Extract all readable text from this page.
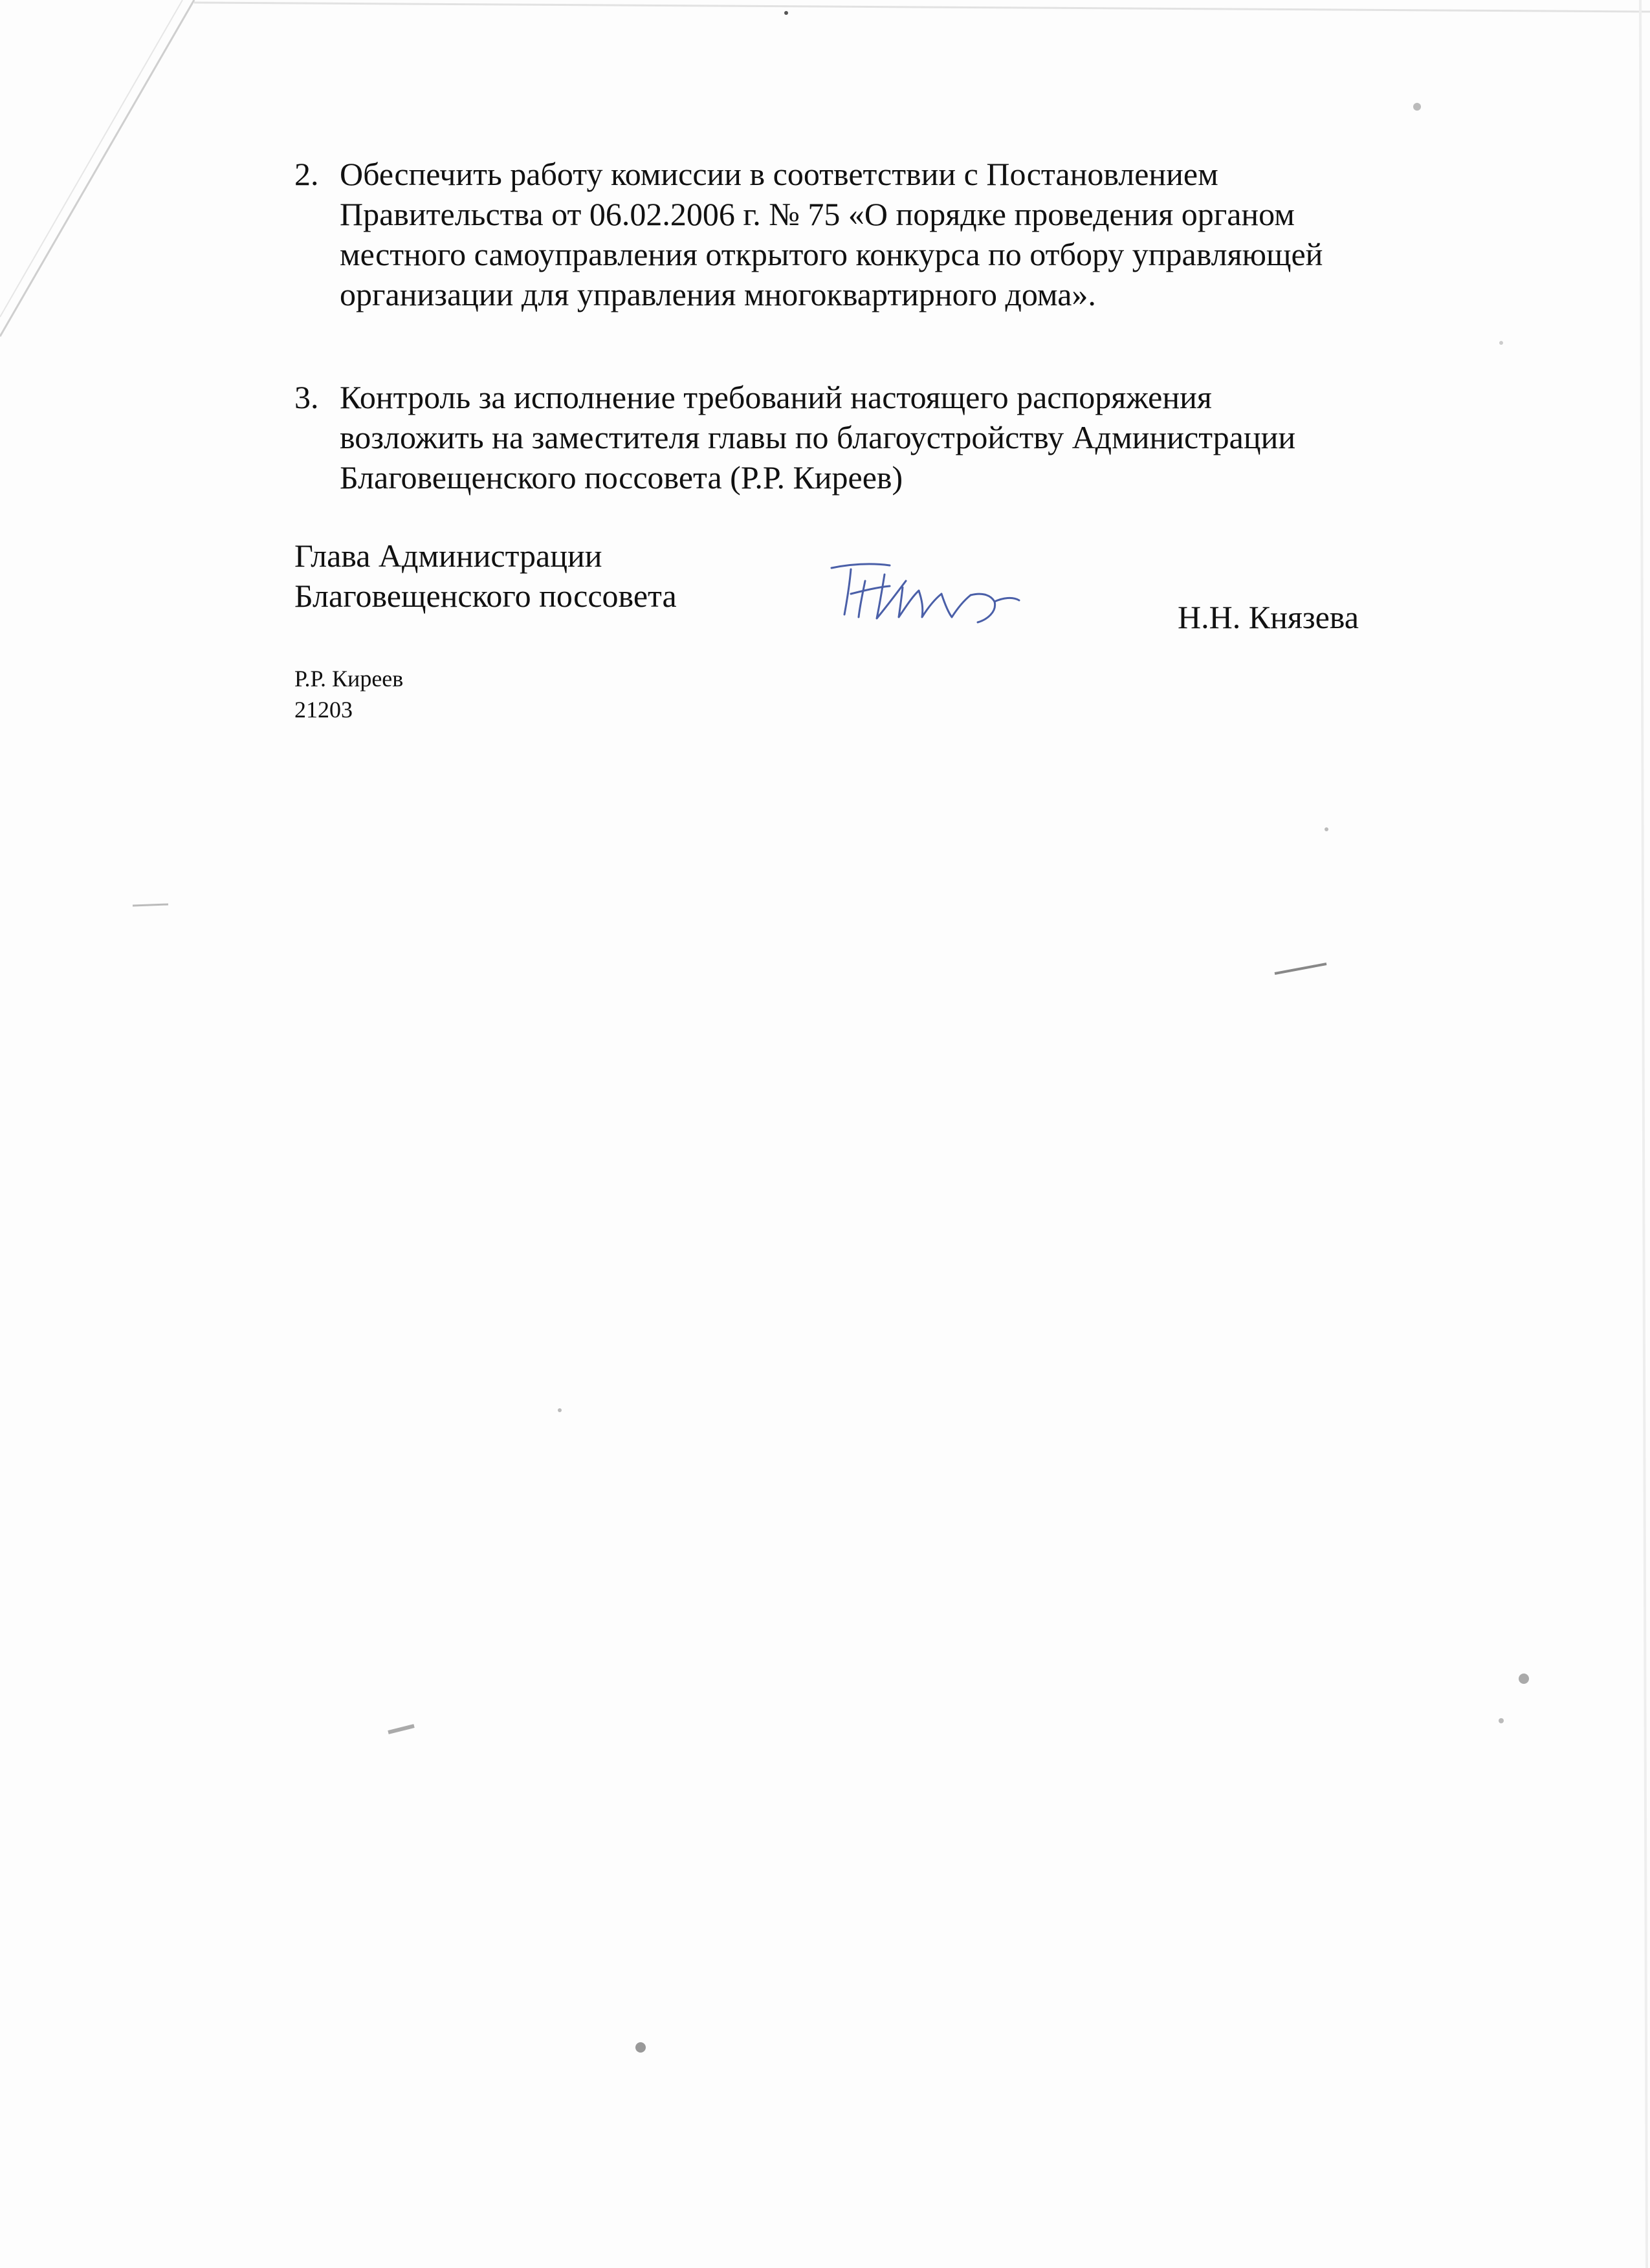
2. Обеспечить работу комиссии в соответствии с Постановлением
Правительства от 06.02.2006 г. № 75 «О порядке проведения органом
местного самоуправления открытого конкурса по отбору управляющей
организации для управления многоквартирного дома».
3. Контроль за исполнение требований настоящего распоряжения
возложить на заместителя главы по благоустройству Администрации
Благовещенского поссовета (Р.Р. Киреев)
Глава Администрации
Благовещенского поссовета
Н.Н. Князева
Р.Р. Киреев
21203
